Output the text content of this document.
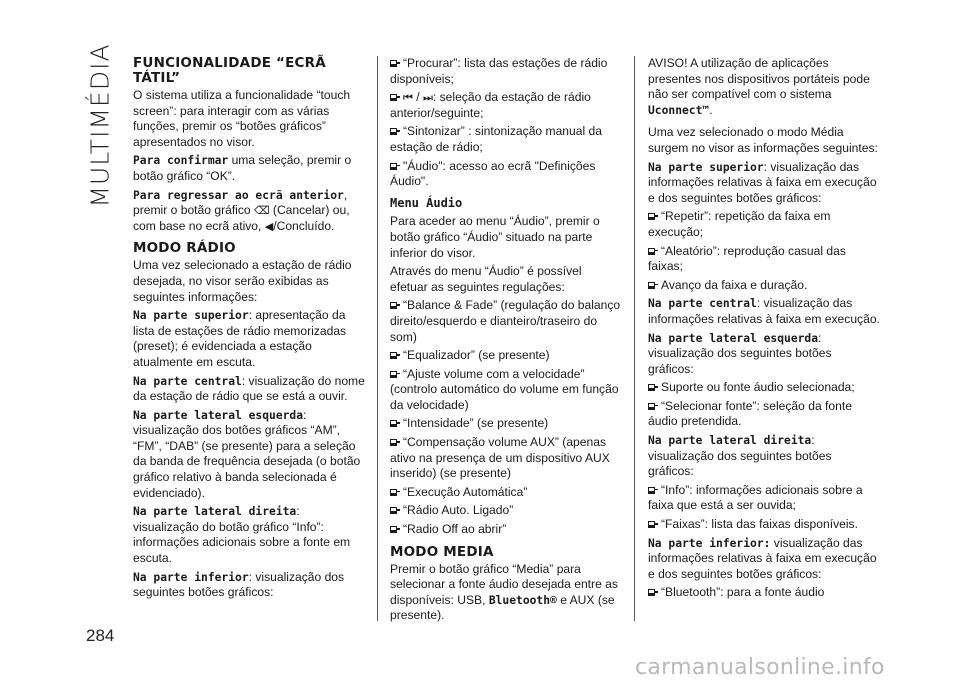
MULTIMÉDIA FUNCIONALIDADE “ECRÃ TÁTIL”

O sistema utiliza a funcionalidade “touch screen”: para interagir com as várias funções, premir os “botões gráficos” apresentados no visor.

Para confirmar uma seleção, premir o botão gráfico “OK”.

Para regressar ao ecrã anterior, premir o botão gráfico ⌫ (Cancelar) ou, com base no ecrã ativo, ◀/Concluído.

MODO RÁDIO

Uma vez selecionado a estação de rádio desejada, no visor serão exibidas as seguintes informações:

Na parte superior: apresentação da lista de estações de rádio memorizadas (preset); é evidenciada a estação atualmente em escuta.

Na parte central: visualização do nome da estação de rádio que se está a ouvir.

Na parte lateral esquerda: visualização dos botões gráficos “AM”, “FM”, “DAB” (se presente) para a seleção da banda de frequência desejada (o botão gráfico relativo à banda selecionada é evidenciado).

Na parte lateral direita: visualização do botão gráfico “Info”: informações adicionais sobre a fonte em escuta.

Na parte inferior: visualização dos seguintes botões gráficos:

“Procurar”: lista das estações de rádio disponíveis;

⏮ / ⏭: seleção da estação de rádio anterior/seguinte;

“Sintonizar” : sintonização manual da estação de rádio;

"Áudio": acesso ao ecrã "Definições Áudio".

Menu Áudio

Para aceder ao menu “Áudio”, premir o botão gráfico “Áudio” situado na parte inferior do visor.

Através do menu “Áudio” é possível efetuar as seguintes regulações:

“Balance & Fade” (regulação do balanço direito/esquerdo e dianteiro/traseiro do som)

“Equalizador” (se presente)

“Ajuste volume com a velocidade” (controlo automático do volume em função da velocidade)

“Intensidade” (se presente)

“Compensação volume AUX” (apenas ativo na presença de um dispositivo AUX inserido) (se presente)

“Execução Automática”

“Rádio Auto. Ligado”

“Radio Off ao abrir”

MODO MEDIA

Premir o botão gráfico “Media” para selecionar a fonte áudio desejada entre as disponíveis: USB, Bluetooth® e AUX (se presente).

AVISO! A utilização de aplicações presentes nos dispositivos portáteis pode não ser compatível com o sistema Uconnect™.

Uma vez selecionado o modo Média surgem no visor as informações seguintes:

Na parte superior: visualização das informações relativas à faixa em execução e dos seguintes botões gráficos:

“Repetir”: repetição da faixa em execução;

“Aleatório”: reprodução casual das faixas;

Avanço da faixa e duração.

Na parte central: visualização das informações relativas à faixa em execução.

Na parte lateral esquerda: visualização dos seguintes botões gráficos:

Suporte ou fonte áudio selecionada;

“Selecionar fonte”: seleção da fonte áudio pretendida.

Na parte lateral direita: visualização dos seguintes botões gráficos:

“Info”: informações adicionais sobre a faixa que está a ser ouvida;

“Faixas”: lista das faixas disponíveis.

Na parte inferior: visualização das informações relativas à faixa em execução e dos seguintes botões gráficos:

“Bluetooth”: para a fonte áudio

284
carmanualsonline.info
